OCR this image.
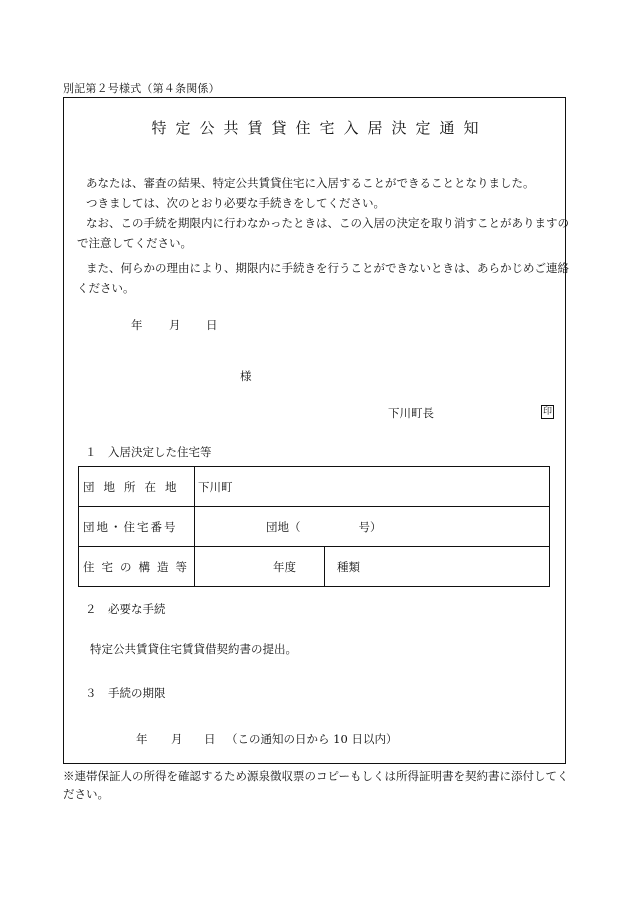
別記第２号様式（第４条関係）
特定公共賃貸住宅入居決定通知
あなたは、審査の結果、特定公共賃貸住宅に入居することができることとなりました。
つきましては、次のとおり必要な手続きをしてください。
なお、この手続を期限内に行わなかったときは、この入居の決定を取り消すことがありますの
で注意してください。
また、何らかの理由により、期限内に手続きを行うことができないときは、あらかじめご連絡
ください。
年 月 日
様
下川町長	印
１　入居決定した住宅等
団地所在地	下川町
団地・住宅番号	団地（ 号）

住宅の構造等	年度 種類
２　必要な手続
特定公共賃貸住宅賃貸借契約書の提出。
３　手続の期限
年 月 日 （この通知の日から 10 日以内）
※連帯保証人の所得を確認するため源泉徴収票のコピーもしくは所得証明書を契約書に添付してください。
